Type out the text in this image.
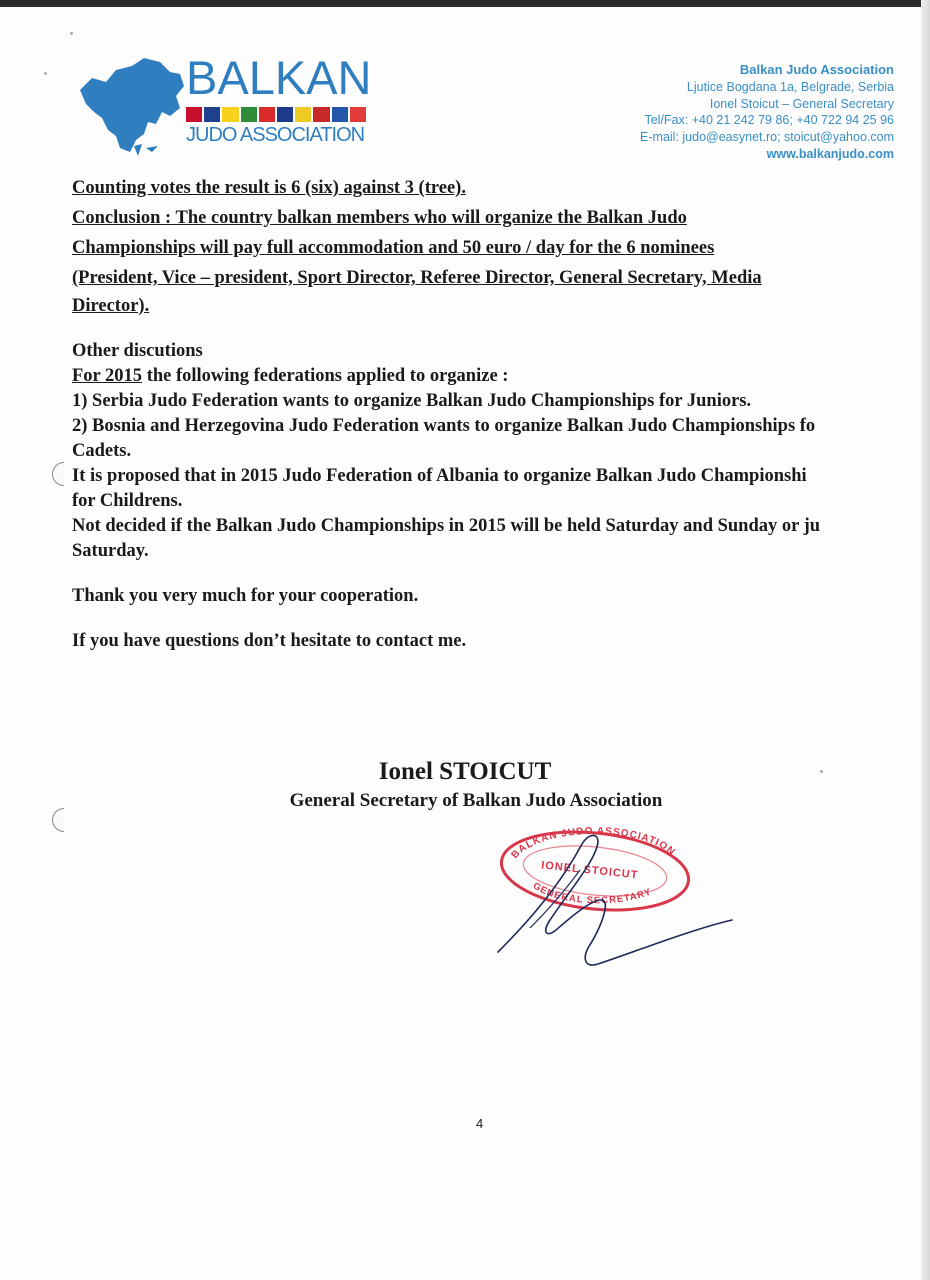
BALKAN
JUDO ASSOCIATION
Balkan Judo Association
Ljutice Bogdana 1a, Belgrade, Serbia
Ionel Stoicut – General Secretary
Tel/Fax: +40 21 242 79 86; +40 722 94 25 96
E-mail: judo@easynet.ro; stoicut@yahoo.com
www.balkanjudo.com
Counting votes the result is 6 (six) against 3 (tree).
Conclusion : The country balkan members who will organize the Balkan Judo
Championships will pay full accommodation and 50 euro / day for the 6 nominees
(President, Vice – president, Sport Director, Referee Director, General Secretary, Media
Director).
Other discutions
For 2015 the following federations applied to organize :
1) Serbia Judo Federation wants to organize Balkan Judo Championships for Juniors.
2) Bosnia and Herzegovina Judo Federation wants to organize Balkan Judo Championships fo
Cadets.
It is proposed that in 2015 Judo Federation of Albania to organize Balkan Judo Championshi
for Childrens.
Not decided if the Balkan Judo Championships in 2015 will be held Saturday and Sunday or ju
Saturday.
Thank you very much for your cooperation.
If you have questions don’t hesitate to contact me.
Ionel STOICUT
General Secretary of Balkan Judo Association
BALKAN JUDO ASSOCIATION
IONEL STOICUT
GENERAL SECRETARY
4
